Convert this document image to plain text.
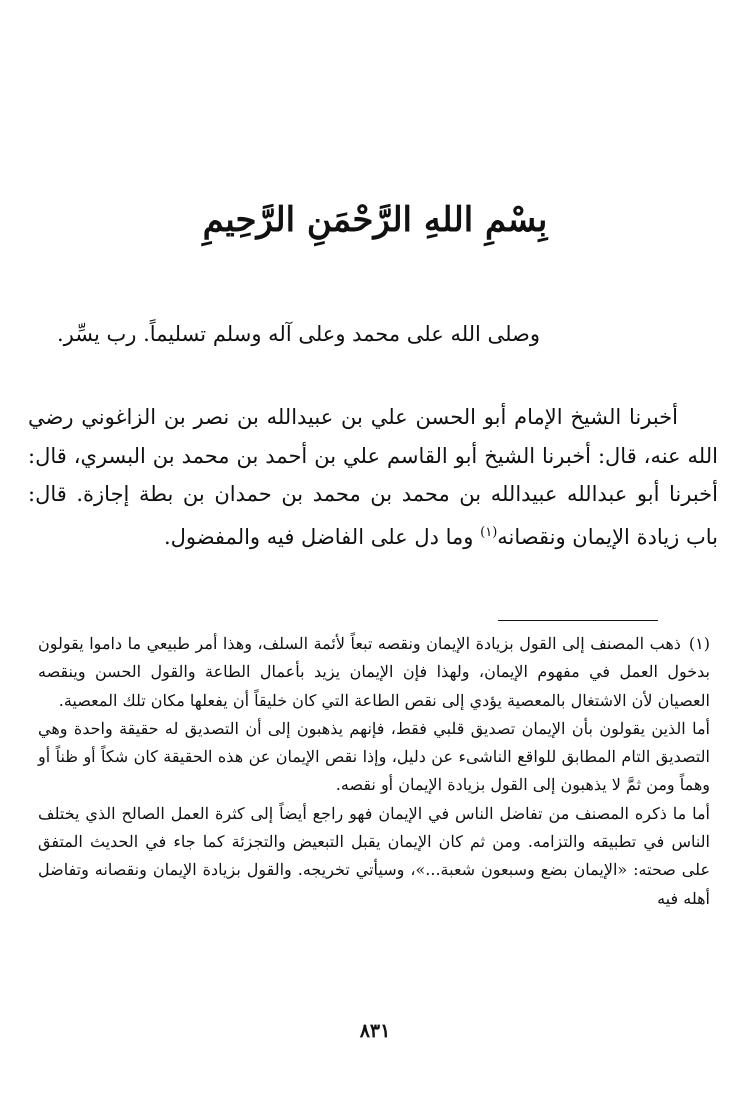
بِسْمِ اللهِ الرَّحْمَنِ الرَّحِيمِ
وصلى الله على محمد وعلى آله وسلم تسليماً. رب يسِّر.

أخبرنا الشيخ الإمام أبو الحسن علي بن عبيدالله بن نصر بن الزاغوني رضي الله عنه، قال: أخبرنا الشيخ أبو القاسم علي بن أحمد بن محمد بن البسري، قال: أخبرنا أبو عبدالله عبيدالله بن محمد بن محمد بن حمدان بن بطة إجازة. قال: باب زيادة الإيمان ونقصانه$^{(١)}$ وما دل على الفاضل فيه والمفضول.

(١)ذهب المصنف إلى القول بزيادة الإيمان ونقصه تبعاً لأئمة السلف، وهذا أمر طبيعي ما داموا يقولون بدخول العمل في مفهوم الإيمان، ولهذا فإن الإيمان يزيد بأعمال الطاعة والقول الحسن وينقصه العصيان لأن الاشتغال بالمعصية يؤدي إلى نقص الطاعة التي كان خليقاً أن يفعلها مكان تلك المعصية.

أما الذين يقولون بأن الإيمان تصديق قلبي فقط، فإنهم يذهبون إلى أن التصديق له حقيقة واحدة وهي التصديق التام المطابق للواقع الناشىء عن دليل، وإذا نقص الإيمان عن هذه الحقيقة كان شكاً أو ظناً أو وهماً ومن ثمَّ لا يذهبون إلى القول بزيادة الإيمان أو نقصه.

أما ما ذكره المصنف من تفاضل الناس في الإيمان فهو راجع أيضاً إلى كثرة العمل الصالح الذي يختلف الناس في تطبيقه والتزامه. ومن ثم كان الإيمان يقبل التبعيض والتجزئة كما جاء في الحديث المتفق على صحته: «الإيمان بضع وسبعون شعبة...»، وسيأتي تخريجه. والقول بزيادة الإيمان ونقصانه وتفاضل أهله فيه

٨٣١
